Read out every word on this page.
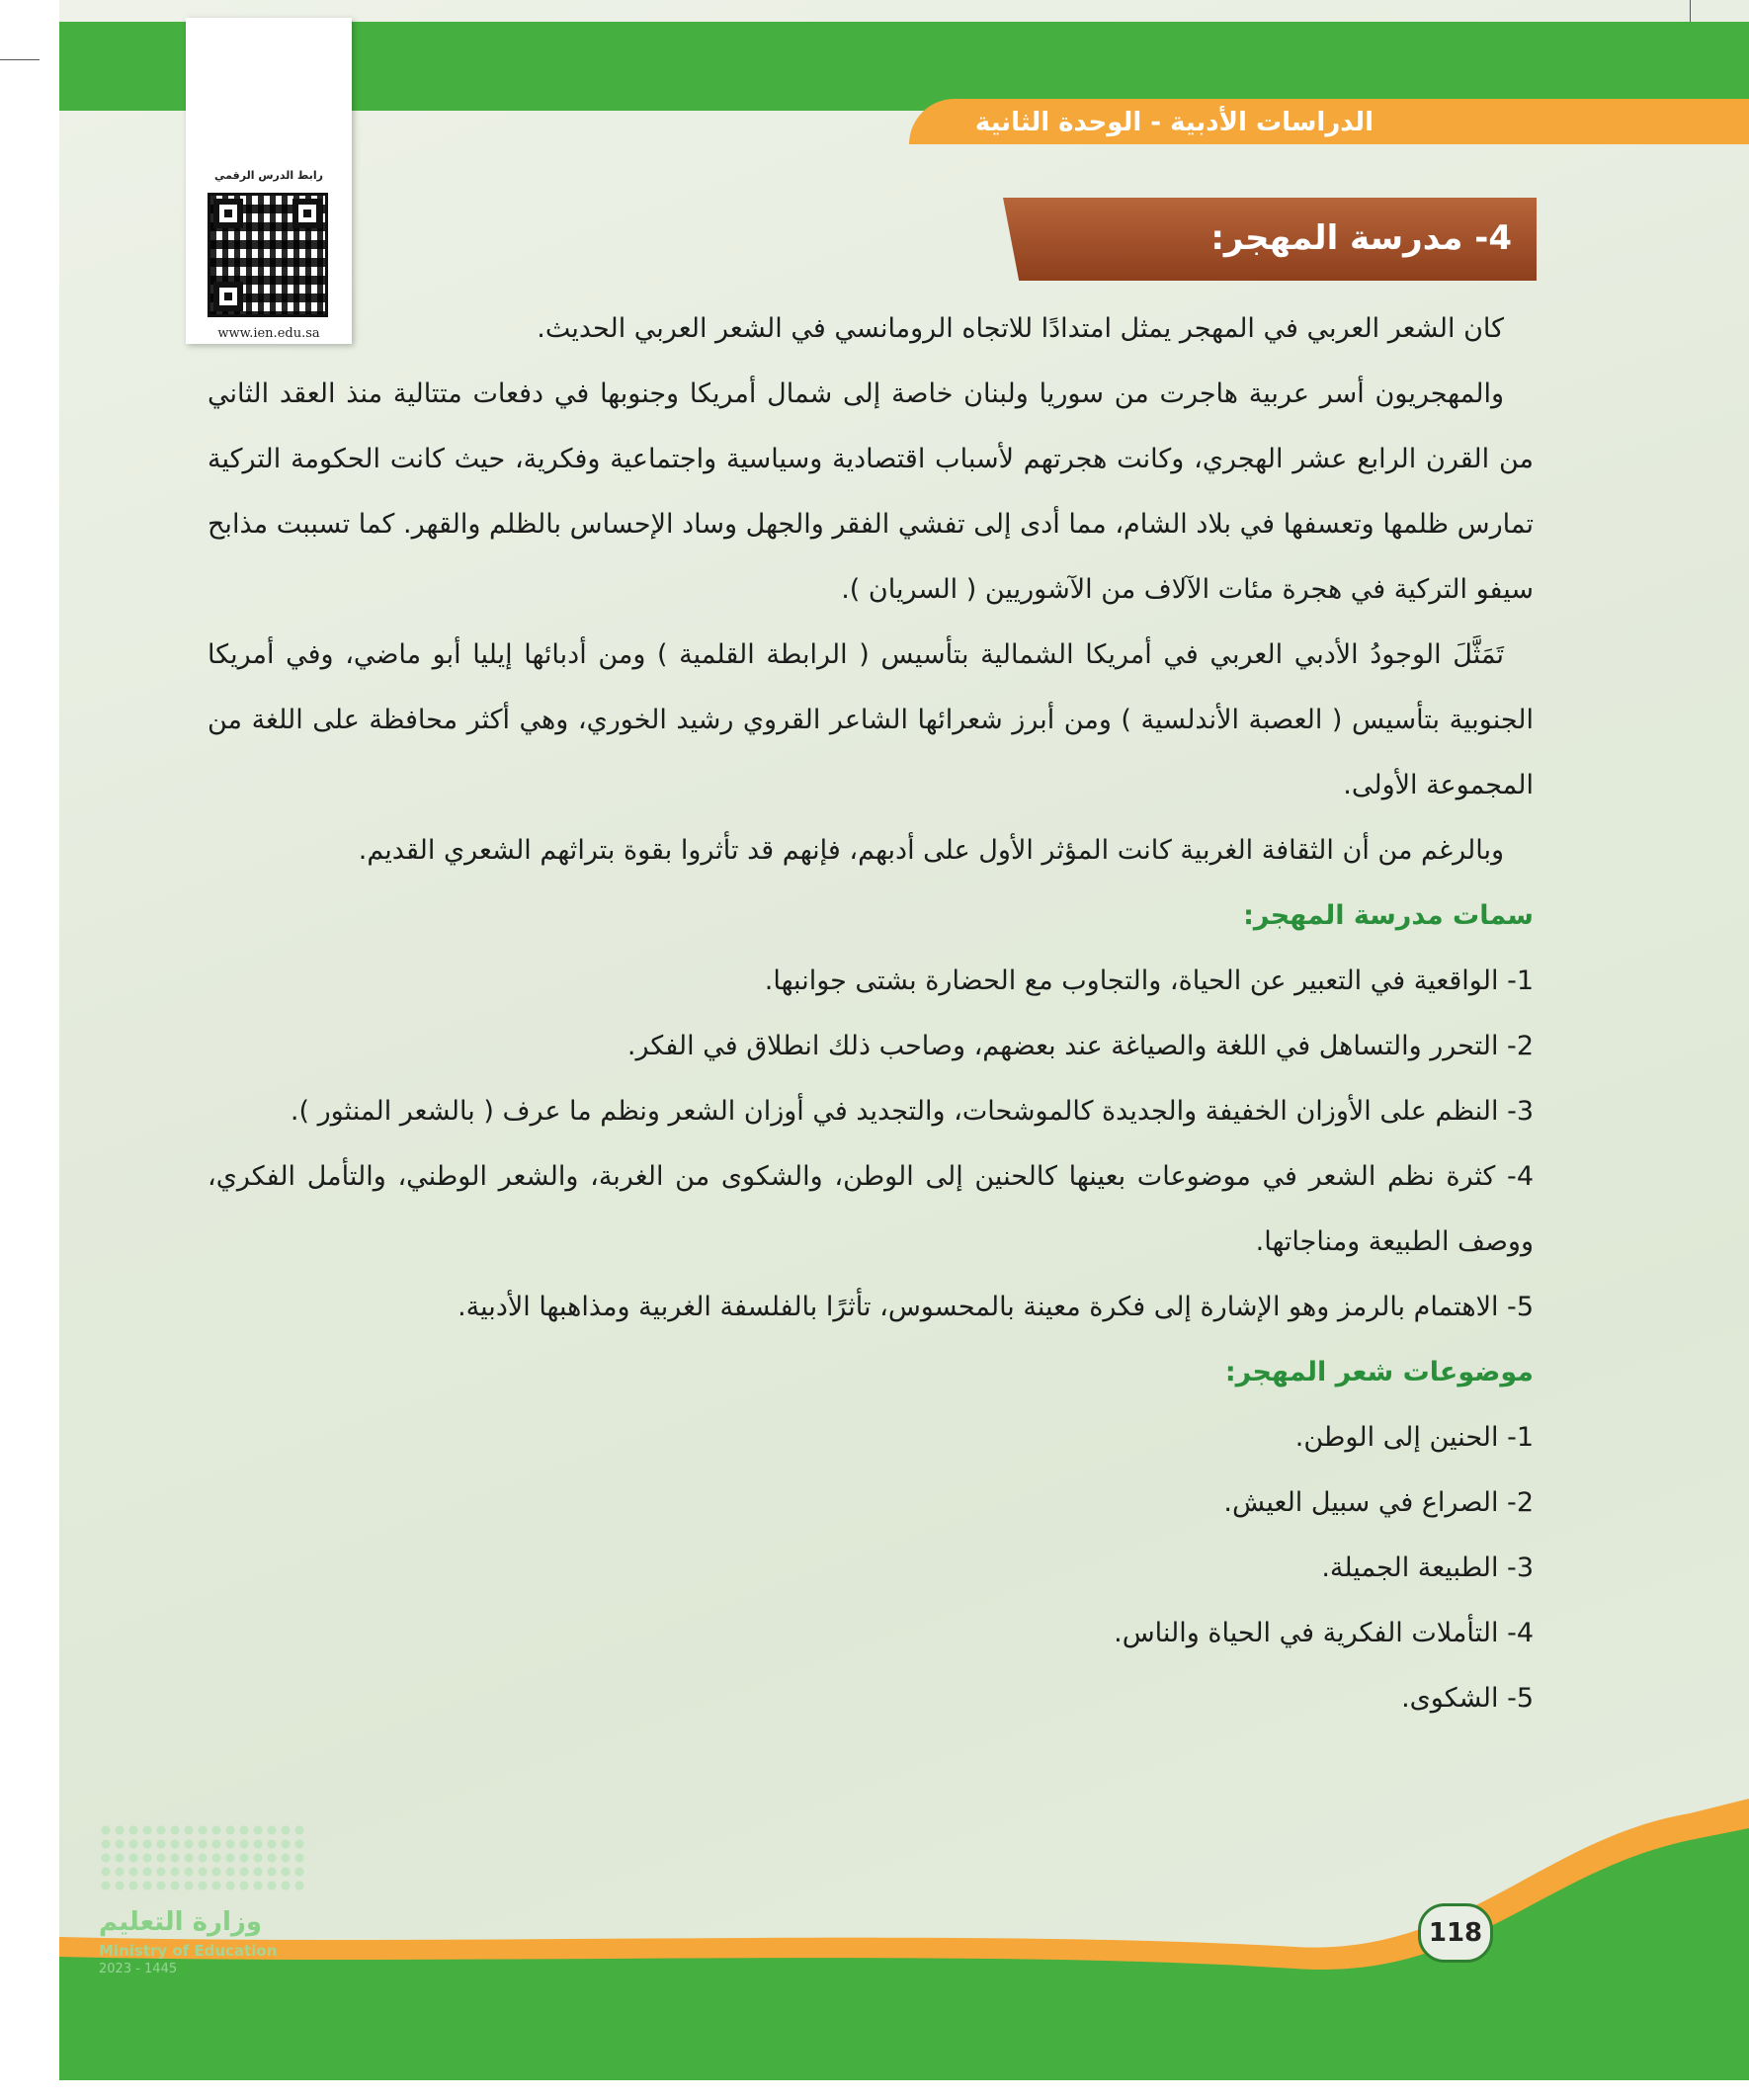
الدراسات الأدبية - الوحدة الثانية
رابط الدرس الرقمي
www.ien.edu.sa
4- مدرسة المهجر:

كان الشعر العربي في المهجر يمثل امتدادًا للاتجاه الرومانسي في الشعر العربي الحديث.

والمهجريون أسر عربية هاجرت من سوريا ولبنان خاصة إلى شمال أمريكا وجنوبها في دفعات متتالية منذ العقد الثاني من القرن الرابع عشر الهجري، وكانت هجرتهم لأسباب اقتصادية وسياسية واجتماعية وفكرية، حيث كانت الحكومة التركية تمارس ظلمها وتعسفها في بلاد الشام، مما أدى إلى تفشي الفقر والجهل وساد الإحساس بالظلم والقهر. كما تسببت مذابح سيفو التركية في هجرة مئات الآلاف من الآشوريين ( السريان ).

تَمَثَّلَ الوجودُ الأدبي العربي في أمريكا الشمالية بتأسيس ( الرابطة القلمية ) ومن أدبائها إيليا أبو ماضي، وفي أمريكا الجنوبية بتأسيس ( العصبة الأندلسية ) ومن أبرز شعرائها الشاعر القروي رشيد الخوري، وهي أكثر محافظة على اللغة من المجموعة الأولى.

وبالرغم من أن الثقافة الغربية كانت المؤثر الأول على أدبهم، فإنهم قد تأثروا بقوة بتراثهم الشعري القديم.

سمات مدرسة المهجر:

1- الواقعية في التعبير عن الحياة، والتجاوب مع الحضارة بشتى جوانبها.

2- التحرر والتساهل في اللغة والصياغة عند بعضهم، وصاحب ذلك انطلاق في الفكر.

3- النظم على الأوزان الخفيفة والجديدة كالموشحات، والتجديد في أوزان الشعر ونظم ما عرف ( بالشعر المنثور ).

4- كثرة نظم الشعر في موضوعات بعينها كالحنين إلى الوطن، والشكوى من الغربة، والشعر الوطني، والتأمل الفكري، ووصف الطبيعة ومناجاتها.

5- الاهتمام بالرمز وهو الإشارة إلى فكرة معينة بالمحسوس، تأثرًا بالفلسفة الغربية ومذاهبها الأدبية.

موضوعات شعر المهجر:

1- الحنين إلى الوطن.

2- الصراع في سبيل العيش.

3- الطبيعة الجميلة.

4- التأملات الفكرية في الحياة والناس.

5- الشكوى.

وزارة التعليم
Ministry of Education
2023 - 1445
118
